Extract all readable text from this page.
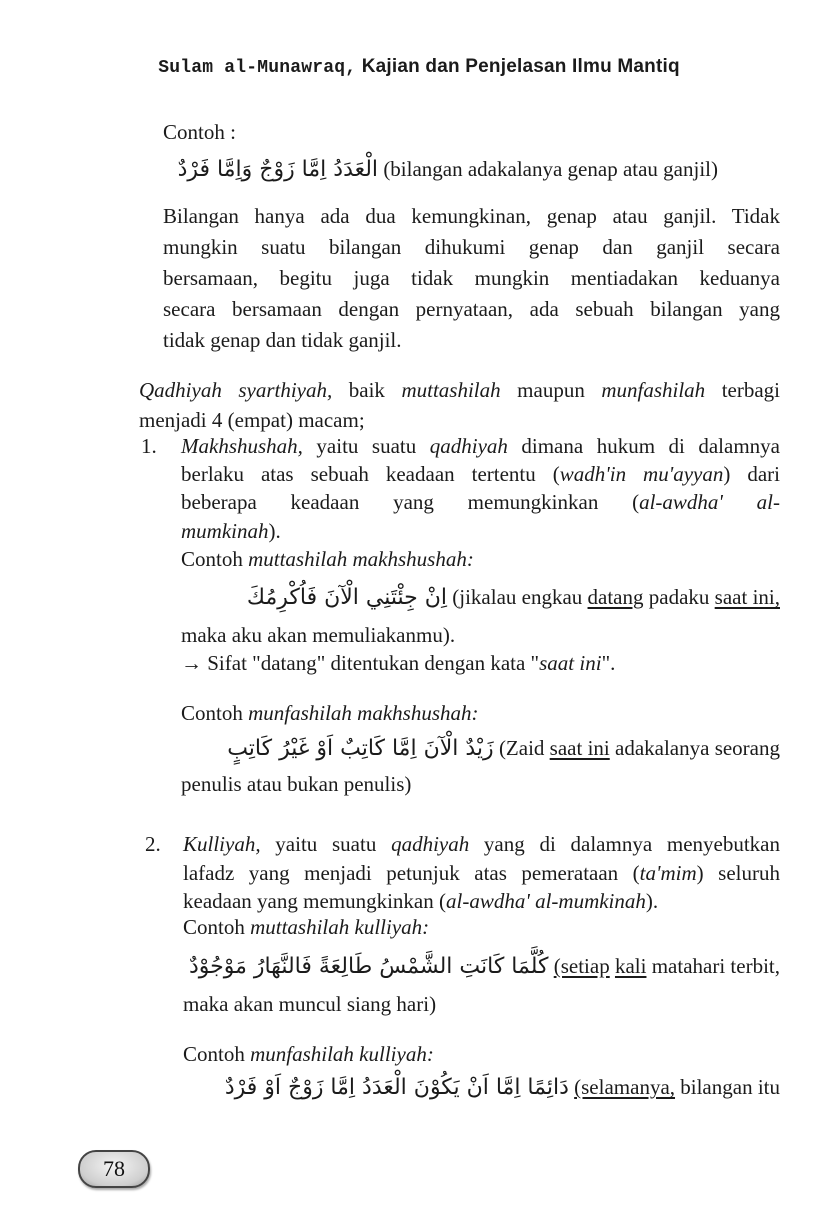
Sulam al-Munawraq, Kajian dan Penjelasan Ilmu Mantiq
Contoh :
الْعَدَدُ اِمَّا زَوْجٌ وَاِمَّا فَرْدٌ (bilangan adakalanya genap atau ganjil)
Bilangan hanya ada dua kemungkinan, genap atau ganjil. Tidak
mungkin suatu bilangan dihukumi genap dan ganjil secara
bersamaan, begitu juga tidak mungkin mentiadakan keduanya
secara bersamaan dengan pernyataan, ada sebuah bilangan yang
tidak genap dan tidak ganjil.
Qadhiyah syarthiyah, baik muttashilah maupun munfashilah terbagi
menjadi 4 (empat) macam;
1. Makhshushah, yaitu suatu qadhiyah dimana hukum di dalamnya
berlaku atas sebuah keadaan tertentu (wadh'in mu'ayyan) dari
beberapa keadaan yang memungkinkan (al-awdha' al-
mumkinah).
Contoh muttashilah makhshushah:
اِنْ جِئْتَنِي الْآنَ فَاُكْرِمُكَ (jikalau engkau datang padaku saat ini,
maka aku akan memuliakanmu).
→ Sifat "datang" ditentukan dengan kata "saat ini".
Contoh munfashilah makhshushah:
زَيْدٌ الْآنَ اِمَّا كَاتِبٌ اَوْ غَيْرُ كَاتِبٍ (Zaid saat ini adakalanya seorang
penulis atau bukan penulis)
2. Kulliyah, yaitu suatu qadhiyah yang di dalamnya menyebutkan
lafadz yang menjadi petunjuk atas pemerataan (ta'mim) seluruh
keadaan yang memungkinkan (al-awdha' al-mumkinah).
Contoh muttashilah kulliyah:
كُلَّمَا كَانَتِ الشَّمْسُ طَالِعَةً فَالنَّهَارُ مَوْجُوْدٌ (setiap kali matahari terbit,
maka akan muncul siang hari)
Contoh munfashilah kulliyah:
دَائِمًا اِمَّا اَنْ يَكُوْنَ الْعَدَدُ اِمَّا زَوْجٌ اَوْ فَرْدٌ (selamanya, bilangan itu
78
